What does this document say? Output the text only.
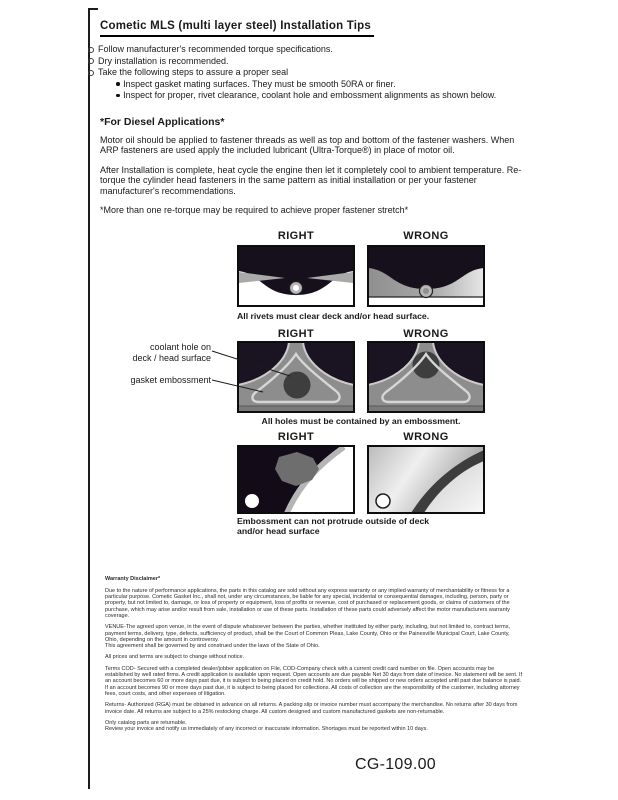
Cometic MLS (multi layer steel) Installation Tips
Follow manufacturer's recommended torque specifications.
Dry installation is recommended.
Take the following steps to assure a proper seal
Inspect gasket mating surfaces. They must be smooth 50RA or finer.
Inspect for proper, rivet clearance, coolant hole and embossment alignments as shown below.
*For Diesel Applications*

Motor oil should be applied to fastener threads as well as top and bottom of the fastener washers. When ARP fasteners are used apply the included lubricant (Ultra-Torque®) in place of motor oil.

After Installation is complete, heat cycle the engine then let it completely cool to ambient temperature. Re-torque the cylinder head fasteners in the same pattern as initial installation or per your fastener manufacturer's recommendations.

*More than one re-torque may be required to achieve proper fastener stretch*

RIGHT	WRONG
All rivets must clear deck and/or head surface.
RIGHT	WRONG
coolant hole on
deck / head surface
gasket embossment
All holes must be contained by an embossment.
RIGHT	WRONG
Embossment can not protrude outside of deck
and/or head surface

Warranty Disclaimer*

Due to the nature of performance applications, the parts in this catalog are sold without any express warranty or any implied warranty of merchantability or fitness for a particular purpose. Cometic Gasket Inc., shall not, under any circumstances, be liable for any special, incidental or consequential damages, including, person, party or property, but not limited to, damage, or loss of property or equipment, loss of profits or revenue, cost of purchased or replacement goods, or claims of customers of the purchase, which may arise and/or result from sale, installation or use of these parts. Installation of these parts could adversely affect the motor manufacturers warranty coverage.

VENUE-The agreed upon venue, in the event of dispute whatsoever between the parties, whether instituted by either party, including, but not limited to, contract terms, payment terms, delivery, type, defects, sufficiency of product, shall be the Court of Common Pleas, Lake County, Ohio or the Painesville Municipal Court, Lake County, Ohio, depending on the amount in controversy.
This agreement shall be governed by and construed under the laws of the State of Ohio.

All prices and terms are subject to change without notice.

Terms COD- Secured with a completed dealer/jobber application on File, COD-Company check with a current credit card number on file. Open accounts may be established by well rated firms. A credit application is available upon request. Open accounts are due payable Net 30 days from date of invoice. No statement will be sent. If an account becomes 60 or more days past due, it is subject to being placed on credit hold. No orders will be shipped or new orders accepted until past due balance is paid. If an account becomes 90 or more days past due, it is subject to being placed for collections. All costs of collection are the responsibility of the customer, including attorney fees, court costs, and other expenses of litigation.

Returns- Authorized (RGA) must be obtained in advance on all returns. A packing slip or invoice number must accompany the merchandise. No returns after 30 days from invoice date. All returns are subject to a 25% restocking charge. All custom designed and custom manufactured gaskets are non-returnable.

Only catalog parts are returnable.
Review your invoice and notify us immediately of any incorrect or inaccurate information. Shortages must be reported within 10 days.

CG-109.00
